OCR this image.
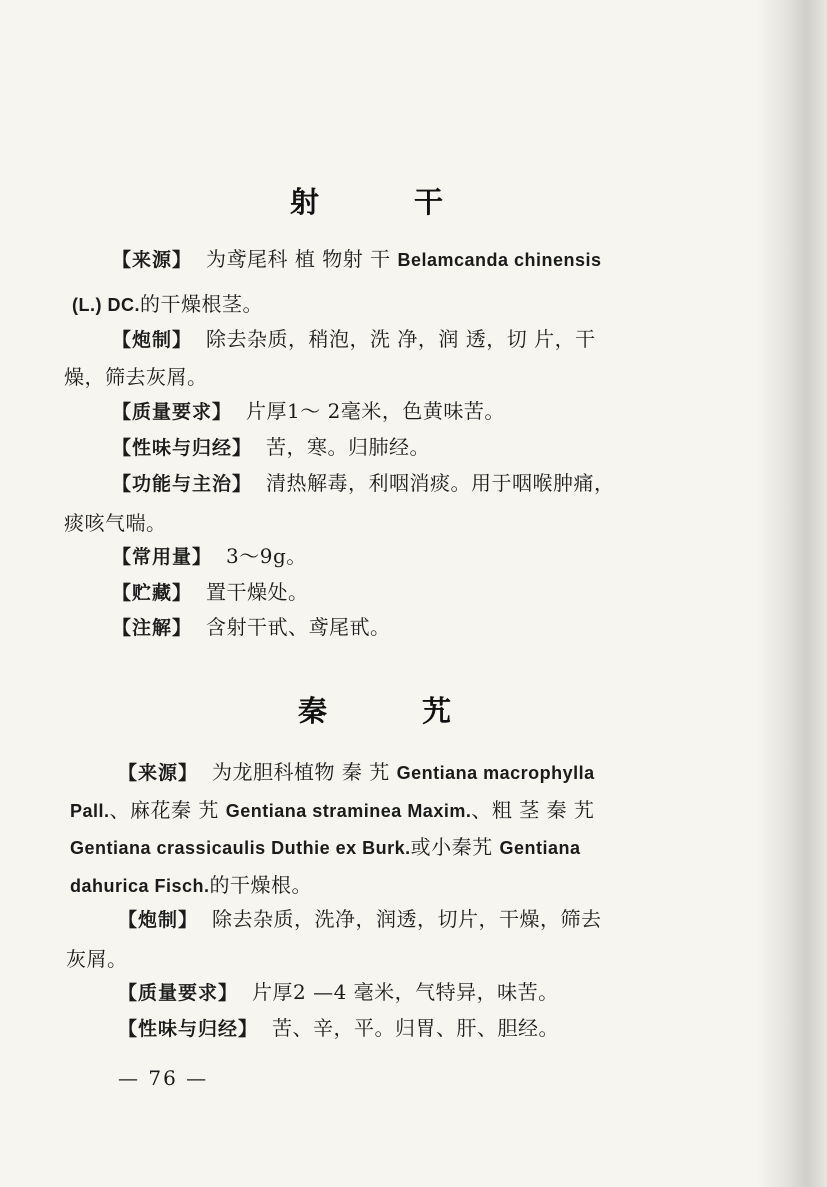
射　　　干
【来源】 为鸢尾科 植 物射 干 Belamcanda chinensis
(L.) DC.的干燥根茎。
【炮制】 除去杂质，稍泡，洗 净，润 透，切 片，干
燥，筛去灰屑。
【质量要求】 片厚1～ 2毫米，色黄味苦。
【性味与归经】 苦，寒。归肺经。
【功能与主治】 清热解毒，利咽消痰。用于咽喉肿痛，
痰咳气喘。
【常用量】 3～9g。
【贮藏】 置干燥处。
【注解】 含射干甙、鸢尾甙。
秦　　　艽
【来源】 为龙胆科植物 秦 艽 Gentiana macrophylla
Pall.、麻花秦 艽 Gentiana straminea Maxim.、粗 茎 秦 艽
Gentiana crassicaulis Duthie ex Burk.或小秦艽 Gentiana
dahurica Fisch.的干燥根。
【炮制】 除去杂质，洗净，润透，切片，干燥，筛去
灰屑。
【质量要求】 片厚2 —4 毫米，气特异，味苦。
【性味与归经】 苦、辛，平。归胃、肝、胆经。
— 76 —
